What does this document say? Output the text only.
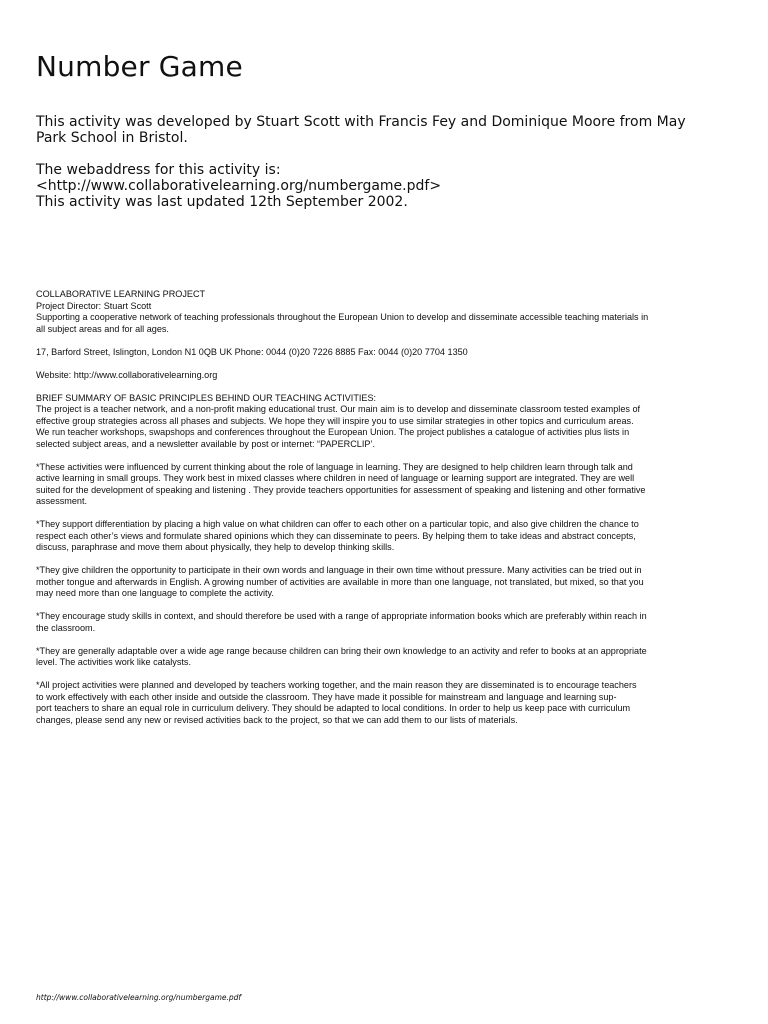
Number Game

This activity was developed by Stuart Scott with Francis Fey and Dominique Moore from May

Park School in Bristol.

The webaddress for this activity is:

<http://www.collaborativelearning.org/numbergame.pdf>

This activity was last updated 12th September 2002.

COLLABORATIVE LEARNING PROJECT

Project Director: Stuart Scott

Supporting a cooperative network of teaching professionals throughout the European Union to develop and disseminate accessible teaching materials in

all subject areas and for all ages.

17, Barford Street, Islington, London N1 0QB UK Phone: 0044 (0)20 7226 8885 Fax: 0044 (0)20 7704 1350

Website: http://www.collaborativelearning.org

BRIEF SUMMARY OF BASIC PRINCIPLES BEHIND OUR TEACHING ACTIVITIES:

The project is a teacher network, and a non-profit making educational trust. Our main aim is to develop and disseminate classroom tested examples of

effective group strategies across all phases and subjects. We hope they will inspire you to use similar strategies in other topics and curriculum areas.

We run teacher workshops, swapshops and conferences throughout the European Union. The project publishes a catalogue of activities plus lists in

selected subject areas, and a newsletter available by post or internet: “PAPERCLIP’.

*These activities were influenced by current thinking about the role of language in learning. They are designed to help children learn through talk and

active learning in small groups. They work best in mixed classes where children in need of language or learning support are integrated. They are well

suited for the development of speaking and listening . They provide teachers opportunities for assessment of speaking and listening and other formative

assessment.

*They support differentiation by placing a high value on what children can offer to each other on a particular topic, and also give children the chance to

respect each other’s views and formulate shared opinions which they can disseminate to peers. By helping them to take ideas and abstract concepts,

discuss, paraphrase and move them about physically, they help to develop thinking skills.

*They give children the opportunity to participate in their own words and language in their own time without pressure. Many activities can be tried out in

mother tongue and afterwards in English. A growing number of activities are available in more than one language, not translated, but mixed, so that you

may need more than one language to complete the activity.

*They encourage study skills in context, and should therefore be used with a range of appropriate information books which are preferably within reach in

the classroom.

*They are generally adaptable over a wide age range because children can bring their own knowledge to an activity and refer to books at an appropriate

level. The activities work like catalysts.

*All project activities were planned and developed by teachers working together, and the main reason they are disseminated is to encourage teachers

to work effectively with each other inside and outside the classroom. They have made it possible for mainstream and language and learning sup-

port teachers to share an equal role in curriculum delivery. They should be adapted to local conditions. In order to help us keep pace with curriculum

changes, please send any new or revised activities back to the project, so that we can add them to our lists of materials.

http://www.collaborativelearning.org/numbergame.pdf
